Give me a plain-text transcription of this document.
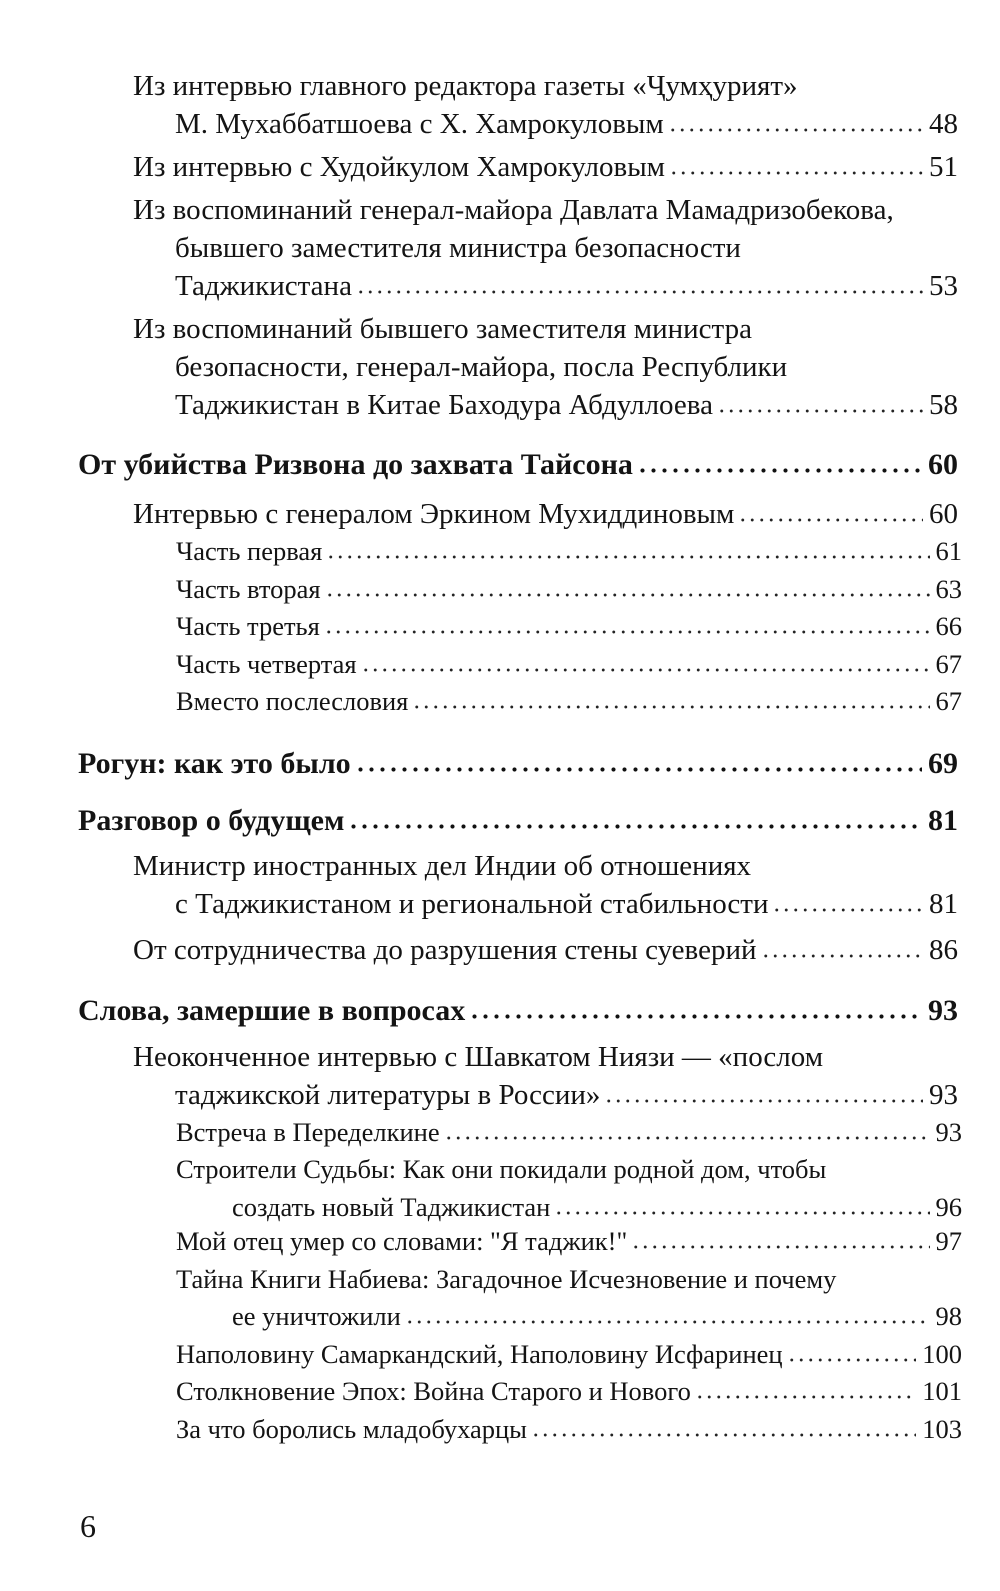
Из интервью главного редактора газеты «Ҷумҳурият»
М. Мухаббатшоева с Х. Хамрокуловым	48
Из интервью с Худойкулом Хамрокуловым	51
Из воспоминаний генерал-майора Давлата Мамадризобекова,
бывшего заместителя министра безопасности
Таджикистана	53
Из воспоминаний бывшего заместителя министра
безопасности, генерал-майора, посла Республики
Таджикистан в Китае Баходура Абдуллоева	58
От убийства Ризвона до захвата Тайсона	60
Интервью с генералом Эркином Мухиддиновым	60
Часть первая	61
Часть вторая	63
Часть третья	66
Часть четвертая	67
Вместо послесловия	67
Рогун: как это было	69
Разговор о будущем	81
Министр иностранных дел Индии об отношениях
с Таджикистаном и региональной стабильности	81
От сотрудничества до разрушения стены суеверий	86
Слова, замершие в вопросах	93
Неоконченное интервью с Шавкатом Ниязи — «послом
таджикской литературы в России»	93
Встреча в Переделкине	93
Строители Судьбы: Как они покидали родной дом, чтобы
создать новый Таджикистан	96
Мой отец умер со словами: "Я таджик!"	97
Тайна Книги Набиева: Загадочное Исчезновение и почему
ее уничтожили	98
Наполовину Самаркандский, Наполовину Исфаринец	100
Столкновение Эпох: Война Старого и Нового	101
За что боролись младобухарцы	103
6
